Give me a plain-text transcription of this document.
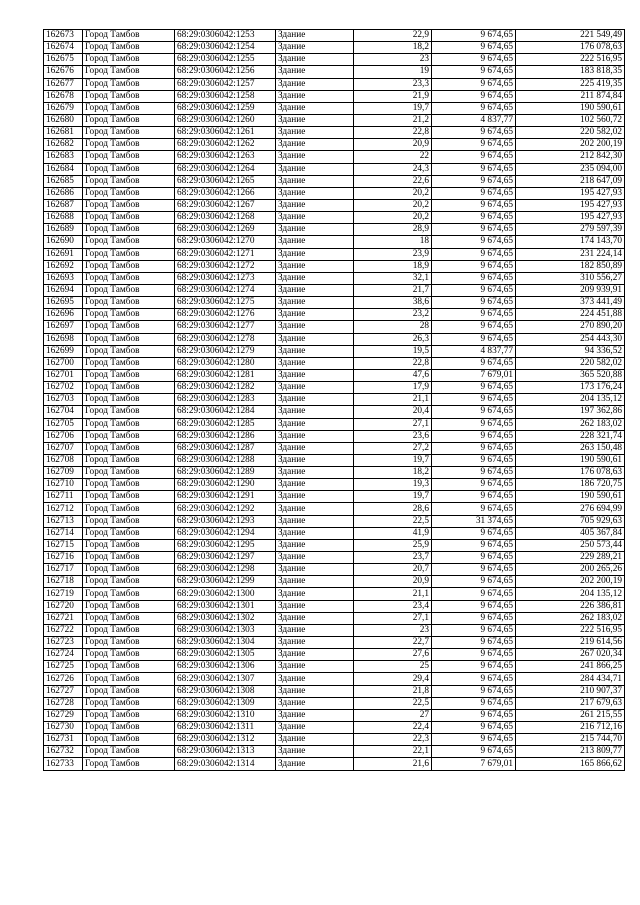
162673	Город Тамбов	68:29:0306042:1253	Здание	22,9	9 674,65	221 549,49
162674	Город Тамбов	68:29:0306042:1254	Здание	18,2	9 674,65	176 078,63
162675	Город Тамбов	68:29:0306042:1255	Здание	23	9 674,65	222 516,95
162676	Город Тамбов	68:29:0306042:1256	Здание	19	9 674,65	183 818,35
162677	Город Тамбов	68:29:0306042:1257	Здание	23,3	9 674,65	225 419,35
162678	Город Тамбов	68:29:0306042:1258	Здание	21,9	9 674,65	211 874,84
162679	Город Тамбов	68:29:0306042:1259	Здание	19,7	9 674,65	190 590,61
162680	Город Тамбов	68:29:0306042:1260	Здание	21,2	4 837,77	102 560,72
162681	Город Тамбов	68:29:0306042:1261	Здание	22,8	9 674,65	220 582,02
162682	Город Тамбов	68:29:0306042:1262	Здание	20,9	9 674,65	202 200,19
162683	Город Тамбов	68:29:0306042:1263	Здание	22	9 674,65	212 842,30
162684	Город Тамбов	68:29:0306042:1264	Здание	24,3	9 674,65	235 094,00
162685	Город Тамбов	68:29:0306042:1265	Здание	22,6	9 674,65	218 647,09
162686	Город Тамбов	68:29:0306042:1266	Здание	20,2	9 674,65	195 427,93
162687	Город Тамбов	68:29:0306042:1267	Здание	20,2	9 674,65	195 427,93
162688	Город Тамбов	68:29:0306042:1268	Здание	20,2	9 674,65	195 427,93
162689	Город Тамбов	68:29:0306042:1269	Здание	28,9	9 674,65	279 597,39
162690	Город Тамбов	68:29:0306042:1270	Здание	18	9 674,65	174 143,70
162691	Город Тамбов	68:29:0306042:1271	Здание	23,9	9 674,65	231 224,14
162692	Город Тамбов	68:29:0306042:1272	Здание	18,9	9 674,65	182 850,89
162693	Город Тамбов	68:29:0306042:1273	Здание	32,1	9 674,65	310 556,27
162694	Город Тамбов	68:29:0306042:1274	Здание	21,7	9 674,65	209 939,91
162695	Город Тамбов	68:29:0306042:1275	Здание	38,6	9 674,65	373 441,49
162696	Город Тамбов	68:29:0306042:1276	Здание	23,2	9 674,65	224 451,88
162697	Город Тамбов	68:29:0306042:1277	Здание	28	9 674,65	270 890,20
162698	Город Тамбов	68:29:0306042:1278	Здание	26,3	9 674,65	254 443,30
162699	Город Тамбов	68:29:0306042:1279	Здание	19,5	4 837,77	94 336,52
162700	Город Тамбов	68:29:0306042:1280	Здание	22,8	9 674,65	220 582,02
162701	Город Тамбов	68:29:0306042:1281	Здание	47,6	7 679,01	365 520,88
162702	Город Тамбов	68:29:0306042:1282	Здание	17,9	9 674,65	173 176,24
162703	Город Тамбов	68:29:0306042:1283	Здание	21,1	9 674,65	204 135,12
162704	Город Тамбов	68:29:0306042:1284	Здание	20,4	9 674,65	197 362,86
162705	Город Тамбов	68:29:0306042:1285	Здание	27,1	9 674,65	262 183,02
162706	Город Тамбов	68:29:0306042:1286	Здание	23,6	9 674,65	228 321,74
162707	Город Тамбов	68:29:0306042:1287	Здание	27,2	9 674,65	263 150,48
162708	Город Тамбов	68:29:0306042:1288	Здание	19,7	9 674,65	190 590,61
162709	Город Тамбов	68:29:0306042:1289	Здание	18,2	9 674,65	176 078,63
162710	Город Тамбов	68:29:0306042:1290	Здание	19,3	9 674,65	186 720,75
162711	Город Тамбов	68:29:0306042:1291	Здание	19,7	9 674,65	190 590,61
162712	Город Тамбов	68:29:0306042:1292	Здание	28,6	9 674,65	276 694,99
162713	Город Тамбов	68:29:0306042:1293	Здание	22,5	31 374,65	705 929,63
162714	Город Тамбов	68:29:0306042:1294	Здание	41,9	9 674,65	405 367,84
162715	Город Тамбов	68:29:0306042:1295	Здание	25,9	9 674,65	250 573,44
162716	Город Тамбов	68:29:0306042:1297	Здание	23,7	9 674,65	229 289,21
162717	Город Тамбов	68:29:0306042:1298	Здание	20,7	9 674,65	200 265,26
162718	Город Тамбов	68:29:0306042:1299	Здание	20,9	9 674,65	202 200,19
162719	Город Тамбов	68:29:0306042:1300	Здание	21,1	9 674,65	204 135,12
162720	Город Тамбов	68:29:0306042:1301	Здание	23,4	9 674,65	226 386,81
162721	Город Тамбов	68:29:0306042:1302	Здание	27,1	9 674,65	262 183,02
162722	Город Тамбов	68:29:0306042:1303	Здание	23	9 674,65	222 516,95
162723	Город Тамбов	68:29:0306042:1304	Здание	22,7	9 674,65	219 614,56
162724	Город Тамбов	68:29:0306042:1305	Здание	27,6	9 674,65	267 020,34
162725	Город Тамбов	68:29:0306042:1306	Здание	25	9 674,65	241 866,25
162726	Город Тамбов	68:29:0306042:1307	Здание	29,4	9 674,65	284 434,71
162727	Город Тамбов	68:29:0306042:1308	Здание	21,8	9 674,65	210 907,37
162728	Город Тамбов	68:29:0306042:1309	Здание	22,5	9 674,65	217 679,63
162729	Город Тамбов	68:29:0306042:1310	Здание	27	9 674,65	261 215,55
162730	Город Тамбов	68:29:0306042:1311	Здание	22,4	9 674,65	216 712,16
162731	Город Тамбов	68:29:0306042:1312	Здание	22,3	9 674,65	215 744,70
162732	Город Тамбов	68:29:0306042:1313	Здание	22,1	9 674,65	213 809,77
162733	Город Тамбов	68:29:0306042:1314	Здание	21,6	7 679,01	165 866,62
